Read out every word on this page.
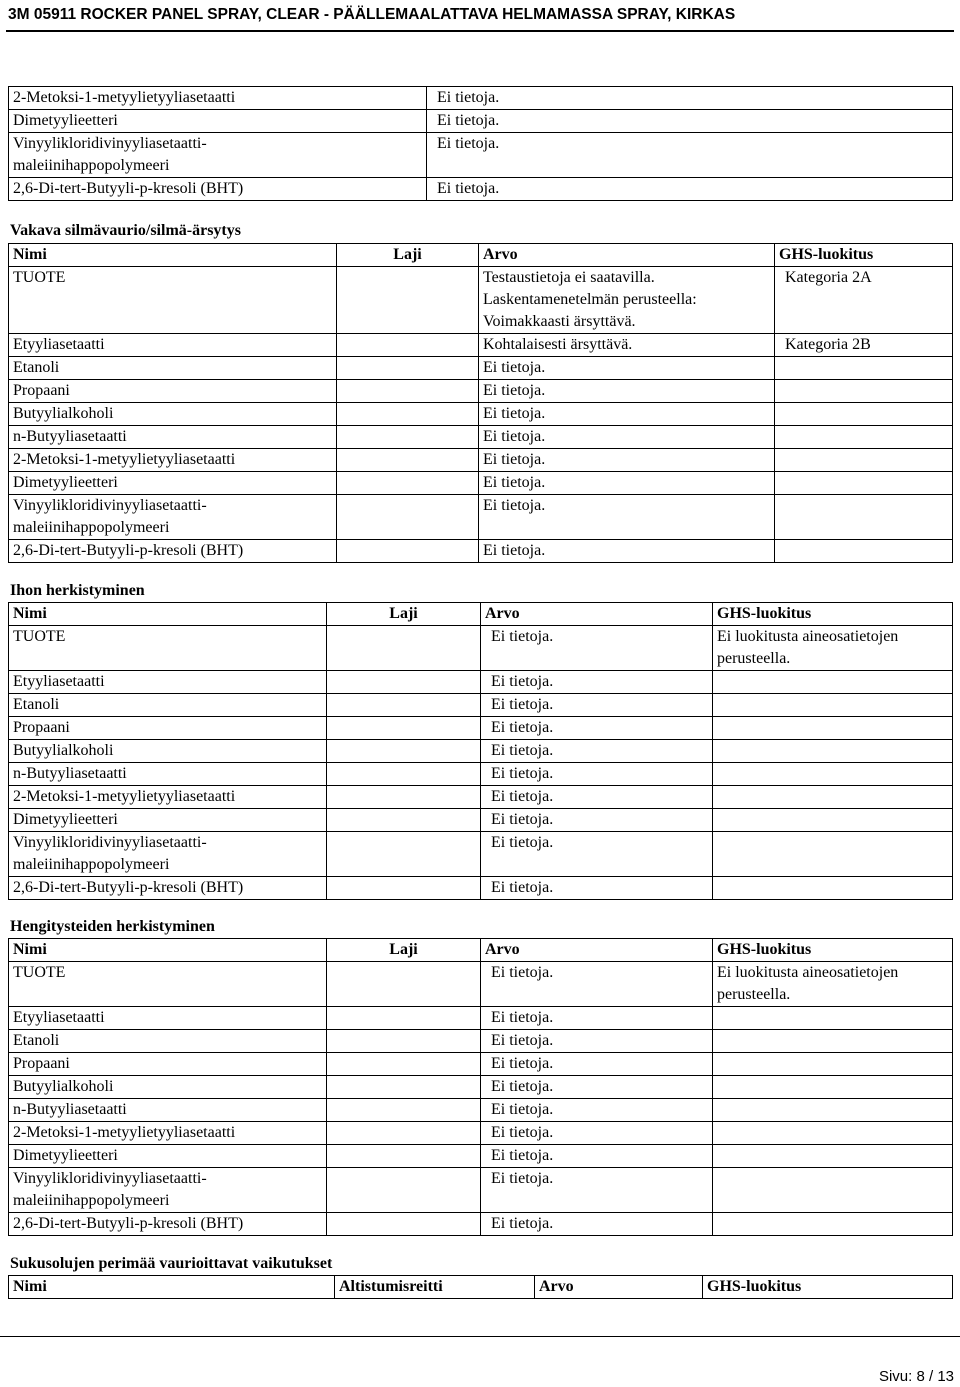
3M 05911 ROCKER PANEL SPRAY, CLEAR - PÄÄLLEMAALATTAVA HELMAMASSA SPRAY, KIRKAS
2-Metoksi-1-metyylietyyliasetaatti	Ei tietoja.
Dimetyylieetteri	Ei tietoja.
Vinyylikloridivinyyliasetaatti-
maleiinihappopolymeeri	Ei tietoja.
2,6-Di-tert-Butyyli-p-kresoli (BHT)	Ei tietoja.
Vakava silmävaurio/silmä-ärsytys
Nimi	Laji	Arvo	GHS-luokitus
TUOTE		Testaustietoja ei saatavilla.
Laskentamenetelmän perusteella:
Voimakkaasti ärsyttävä.	Kategoria 2A
Etyyliasetaatti		Kohtalaisesti ärsyttävä.	Kategoria 2B
Etanoli		Ei tietoja.	
Propaani		Ei tietoja.	
Butyylialkoholi		Ei tietoja.	
n-Butyyliasetaatti		Ei tietoja.	
2-Metoksi-1-metyylietyyliasetaatti		Ei tietoja.	
Dimetyylieetteri		Ei tietoja.	
Vinyylikloridivinyyliasetaatti-
maleiinihappopolymeeri		Ei tietoja.	
2,6-Di-tert-Butyyli-p-kresoli (BHT)		Ei tietoja.	
Ihon herkistyminen
Nimi	Laji	Arvo	GHS-luokitus
TUOTE		Ei tietoja.	Ei luokitusta aineosatietojen
perusteella.
Etyyliasetaatti		Ei tietoja.	
Etanoli		Ei tietoja.	
Propaani		Ei tietoja.	
Butyylialkoholi		Ei tietoja.	
n-Butyyliasetaatti		Ei tietoja.	
2-Metoksi-1-metyylietyyliasetaatti		Ei tietoja.	
Dimetyylieetteri		Ei tietoja.	
Vinyylikloridivinyyliasetaatti-
maleiinihappopolymeeri		Ei tietoja.	
2,6-Di-tert-Butyyli-p-kresoli (BHT)		Ei tietoja.	
Hengitysteiden herkistyminen
Nimi	Laji	Arvo	GHS-luokitus
TUOTE		Ei tietoja.	Ei luokitusta aineosatietojen
perusteella.
Etyyliasetaatti		Ei tietoja.	
Etanoli		Ei tietoja.	
Propaani		Ei tietoja.	
Butyylialkoholi		Ei tietoja.	
n-Butyyliasetaatti		Ei tietoja.	
2-Metoksi-1-metyylietyyliasetaatti		Ei tietoja.	
Dimetyylieetteri		Ei tietoja.	
Vinyylikloridivinyyliasetaatti-
maleiinihappopolymeeri		Ei tietoja.	
2,6-Di-tert-Butyyli-p-kresoli (BHT)		Ei tietoja.	
Sukusolujen perimää vaurioittavat vaikutukset
Nimi	Altistumisreitti	Arvo	GHS-luokitus
Sivu: 8 / 13
